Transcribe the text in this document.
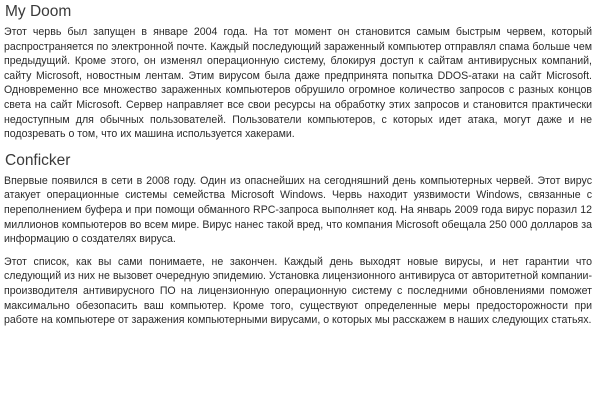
My Doom

Этот червь был запущен в январе 2004 года. На тот момент он становится самым быстрым червем, который распространяется по электронной почте. Каждый последующий зараженный компьютер отправлял спама больше чем предыдущий. Кроме этого, он изменял операционную систему, блокируя доступ к сайтам антивирусных компаний, сайту Microsoft, новостным лентам. Этим вирусом была даже предпринята попытка DDOS-атаки на сайт Microsoft. Одновременно все множество зараженных компьютеров обрушило огромное количество запросов с разных концов света на сайт Microsoft. Сервер направляет все свои ресурсы на обработку этих запросов и становится практически недоступным для обычных пользователей. Пользователи компьютеров, с которых идет атака, могут даже и не подозревать о том, что их машина используется хакерами.

Conficker

Впервые появился в сети в 2008 году. Один из опаснейших на сегодняшний день компьютерных червей. Этот вирус атакует операционные системы семейства Microsoft Windows. Червь находит уязвимости Windows, связанные с переполнением буфера и при помощи обманного RPC-запроса выполняет код. На январь 2009 года вирус поразил 12 миллионов компьютеров во всем мире. Вирус нанес такой вред, что компания Microsoft обещала 250 000 долларов за информацию о создателях вируса.

Этот список, как вы сами понимаете, не закончен. Каждый день выходят новые вирусы, и нет гарантии что следующий из них не вызовет очередную эпидемию. Установка лицензионного антивируса от авторитетной компании-производителя антивирусного ПО на лицензионную операционную систему с последними обновлениями поможет максимально обезопасить ваш компьютер. Кроме того, существуют определенные меры предосторожности при работе на компьютере от заражения компьютерными вирусами, о которых мы расскажем в наших следующих статьях.
